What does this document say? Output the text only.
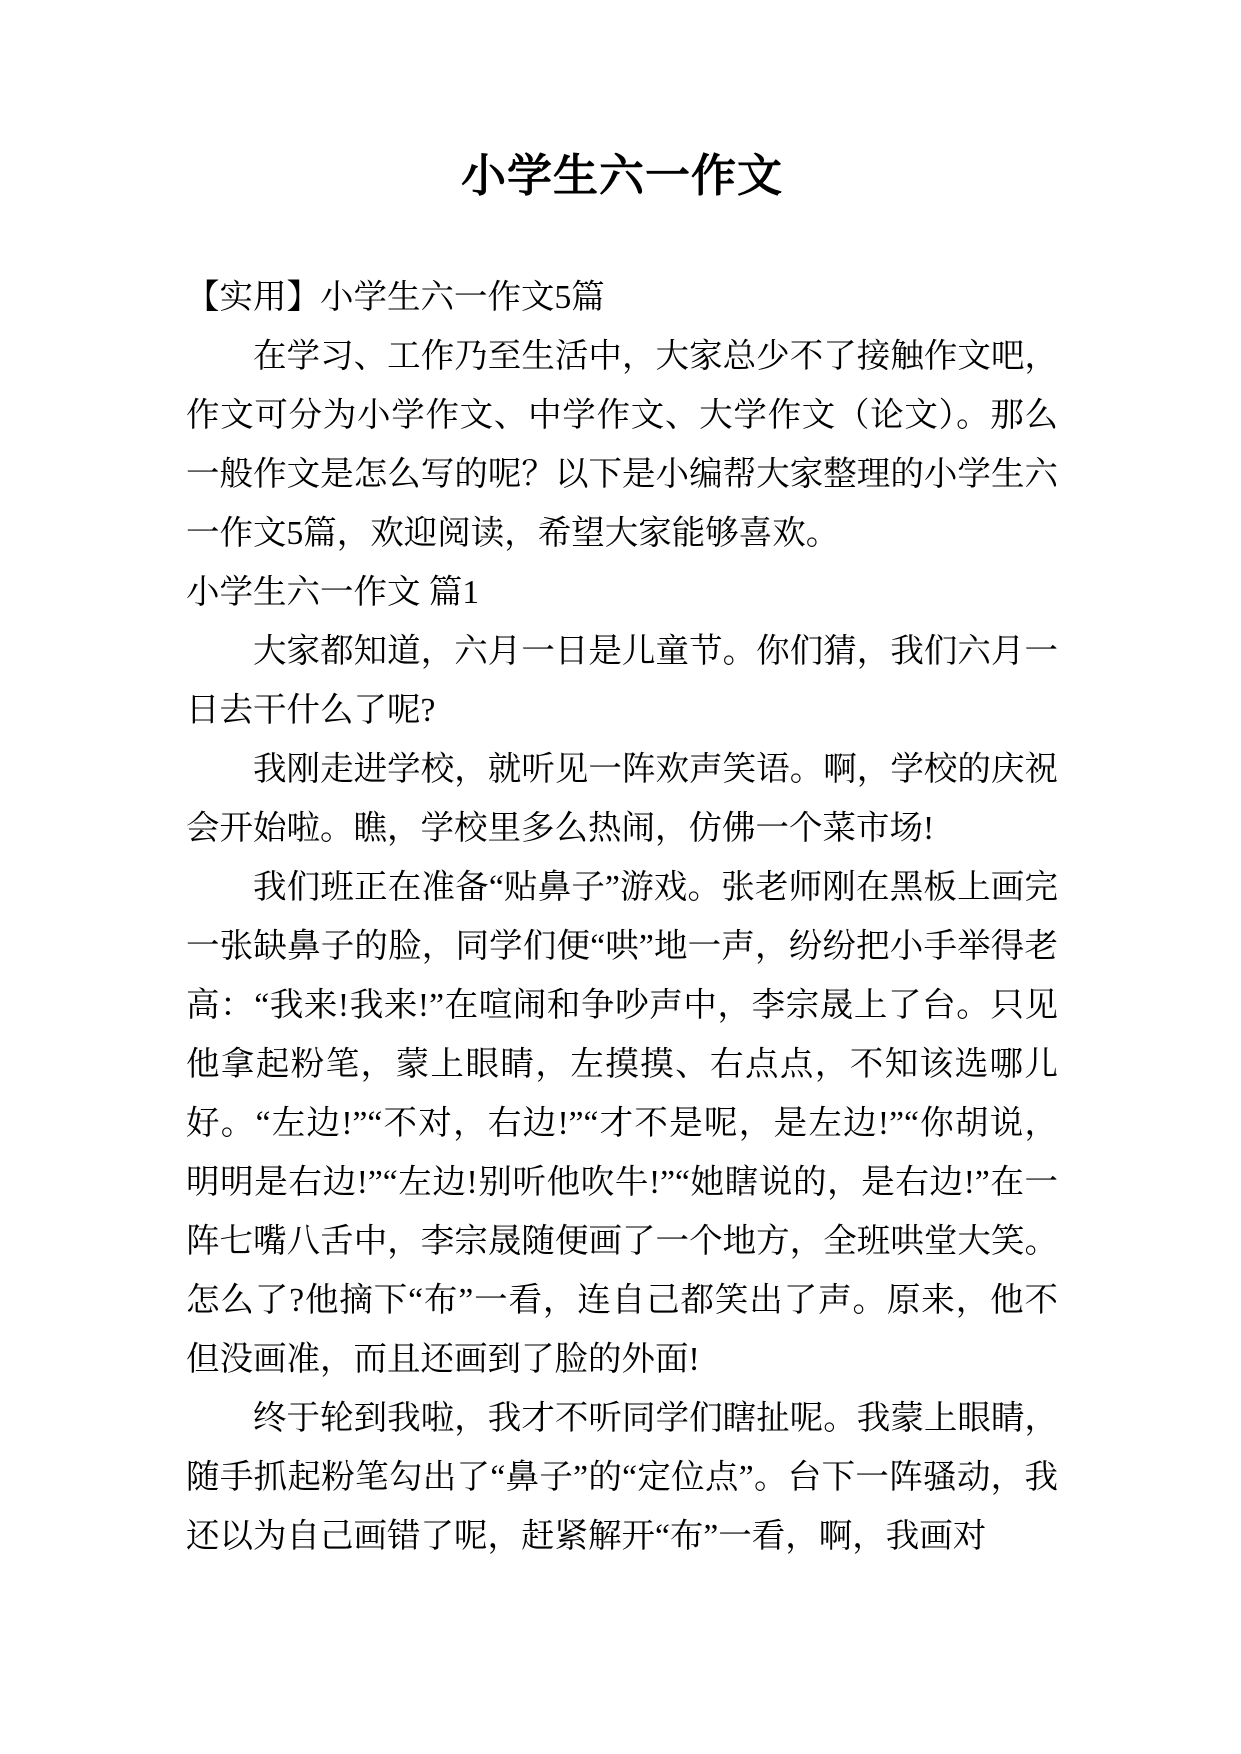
小学生六一作文

【实用】小学生六一作文5篇

在学习、工作乃至生活中，大家总少不了接触作文吧，作文可分为小学作文、中学作文、大学作文（论文）。那么一般作文是怎么写的呢？以下是小编帮大家整理的小学生六一作文5篇，欢迎阅读，希望大家能够喜欢。

小学生六一作文 篇1

大家都知道，六月一日是儿童节。你们猜，我们六月一日去干什么了呢?

我刚走进学校，就听见一阵欢声笑语。啊，学校的庆祝会开始啦。瞧，学校里多么热闹，仿佛一个菜市场!

我们班正在准备“贴鼻子”游戏。张老师刚在黑板上画完一张缺鼻子的脸，同学们便“哄”地一声，纷纷把小手举得老高：“我来!我来!”在喧闹和争吵声中，李宗晟上了台。只见他拿起粉笔，蒙上眼睛，左摸摸、右点点，不知该选哪儿好。“左边!”“不对，右边!”“才不是呢，是左边!”“你胡说，明明是右边!”“左边!别听他吹牛!”“她瞎说的，是右边!”在一阵七嘴八舌中，李宗晟随便画了一个地方，全班哄堂大笑。怎么了?他摘下“布”一看，连自己都笑出了声。原来，他不但没画准，而且还画到了脸的外面!

终于轮到我啦，我才不听同学们瞎扯呢。我蒙上眼睛，随手抓起粉笔勾出了“鼻子”的“定位点”。台下一阵骚动，我还以为自己画错了呢，赶紧解开“布”一看，啊，我画对
